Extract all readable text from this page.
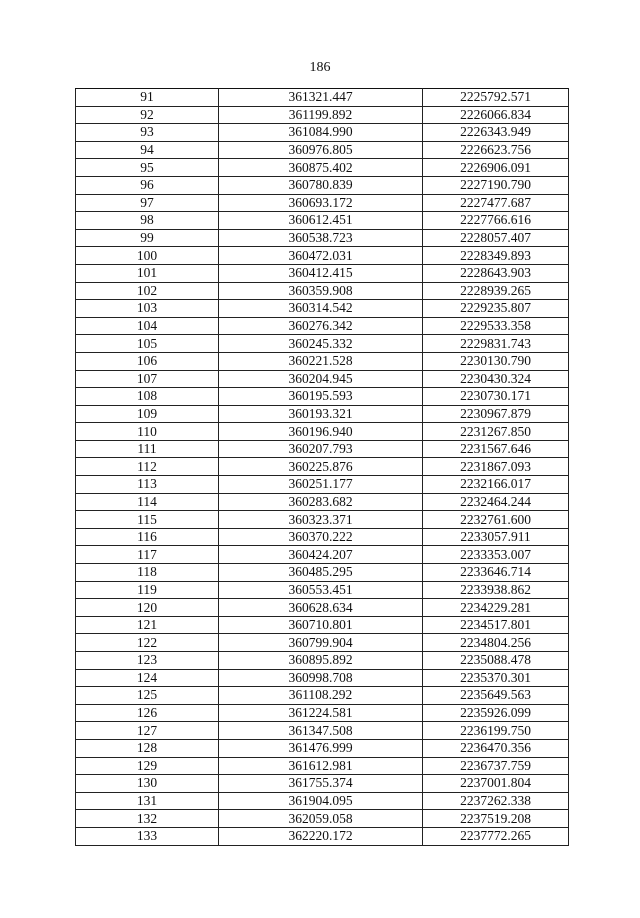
186
91	361321.447	2225792.571
92	361199.892	2226066.834
93	361084.990	2226343.949
94	360976.805	2226623.756
95	360875.402	2226906.091
96	360780.839	2227190.790
97	360693.172	2227477.687
98	360612.451	2227766.616
99	360538.723	2228057.407
100	360472.031	2228349.893
101	360412.415	2228643.903
102	360359.908	2228939.265
103	360314.542	2229235.807
104	360276.342	2229533.358
105	360245.332	2229831.743
106	360221.528	2230130.790
107	360204.945	2230430.324
108	360195.593	2230730.171
109	360193.321	2230967.879
110	360196.940	2231267.850
111	360207.793	2231567.646
112	360225.876	2231867.093
113	360251.177	2232166.017
114	360283.682	2232464.244
115	360323.371	2232761.600
116	360370.222	2233057.911
117	360424.207	2233353.007
118	360485.295	2233646.714
119	360553.451	2233938.862
120	360628.634	2234229.281
121	360710.801	2234517.801
122	360799.904	2234804.256
123	360895.892	2235088.478
124	360998.708	2235370.301
125	361108.292	2235649.563
126	361224.581	2235926.099
127	361347.508	2236199.750
128	361476.999	2236470.356
129	361612.981	2236737.759
130	361755.374	2237001.804
131	361904.095	2237262.338
132	362059.058	2237519.208
133	362220.172	2237772.265
